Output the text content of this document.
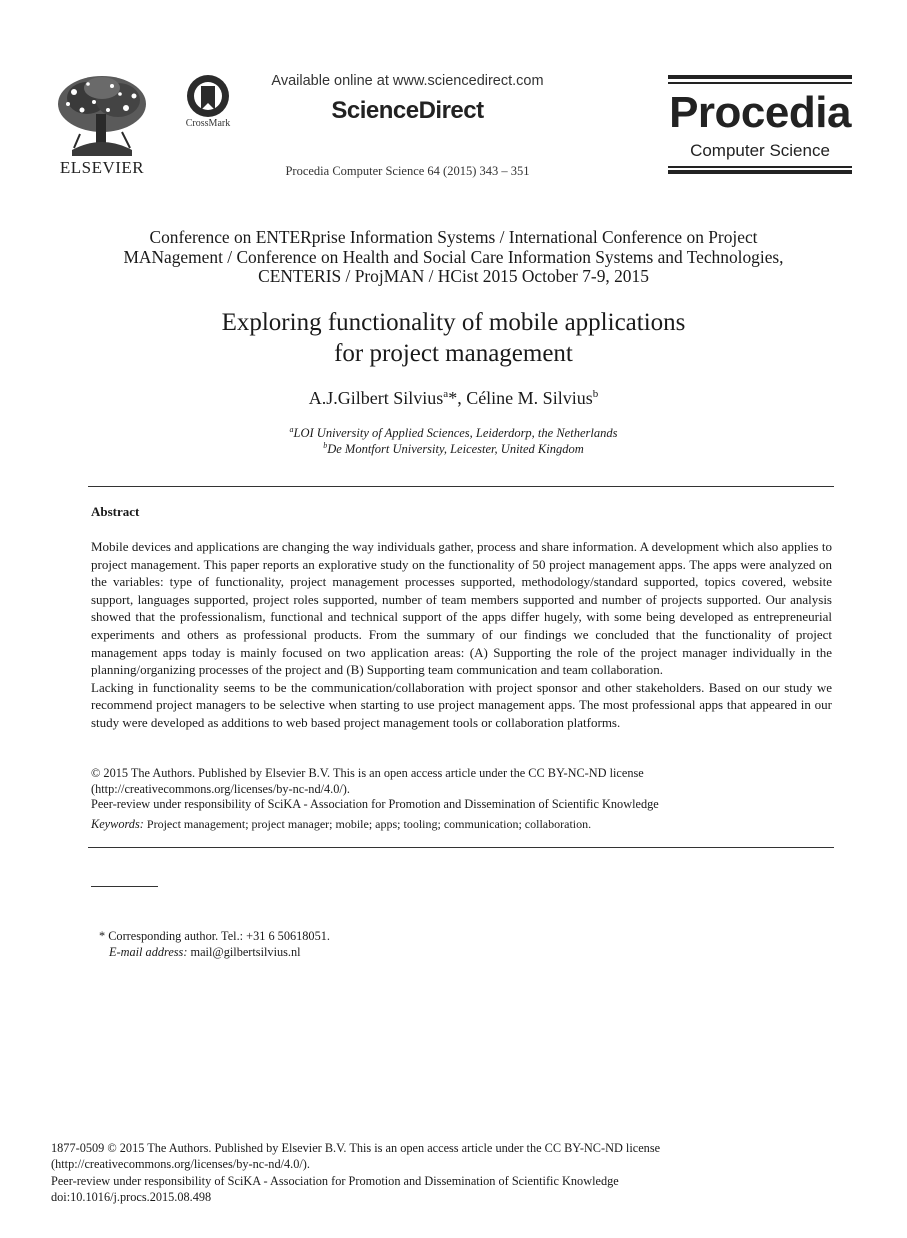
ELSEVIER
CrossMark
Available online at www.sciencedirect.com
ScienceDirect
Procedia Computer Science 64 (2015) 343 – 351
Procedia
Computer Science
Conference on ENTERprise Information Systems / International Conference on Project
MANagement / Conference on Health and Social Care Information Systems and Technologies,
CENTERIS / ProjMAN / HCist 2015 October 7-9, 2015
Exploring functionality of mobile applications
for project management
A.J.Gilbert Silvius$^a$*, Céline M. Silvius$^b$
$^a$LOI University of Applied Sciences, Leiderdorp, the Netherlands
$^b$De Montfort University, Leicester, United Kingdom
Abstract

Mobile devices and applications are changing the way individuals gather, process and share information. A development which also applies to project management. This paper reports an explorative study on the functionality of 50 project management apps. The apps were analyzed on the variables: type of functionality, project management processes supported, methodology/standard supported, topics covered, website support, languages supported, project roles supported, number of team members supported and number of projects supported. Our analysis showed that the professionalism, functional and technical support of the apps differ hugely, with some being developed as entrepreneurial experiments and others as professional products. From the summary of our findings we concluded that the functionality of project management apps today is mainly focused on two application areas: (A) Supporting the role of the project manager individually in the planning/organizing processes of the project and (B) Supporting team communication and team collaboration.

Lacking in functionality seems to be the communication/collaboration with project sponsor and other stakeholders. Based on our study we recommend project managers to be selective when starting to use project management apps. The most professional apps that appeared in our study were developed as additions to web based project management tools or collaboration platforms.

© 2015 The Authors. Published by Elsevier B.V. This is an open access article under the CC BY-NC-ND license
(http://creativecommons.org/licenses/by-nc-nd/4.0/).
Peer-review under responsibility of SciKA - Association for Promotion and Dissemination of Scientific Knowledge
Keywords: Project management; project manager; mobile; apps; tooling; communication; collaboration.
* Corresponding author. Tel.: +31 6 50618051.
E-mail address: mail@gilbertsilvius.nl
1877-0509 © 2015 The Authors. Published by Elsevier B.V. This is an open access article under the CC BY-NC-ND license
(http://creativecommons.org/licenses/by-nc-nd/4.0/).
Peer-review under responsibility of SciKA - Association for Promotion and Dissemination of Scientific Knowledge
doi:10.1016/j.procs.2015.08.498
